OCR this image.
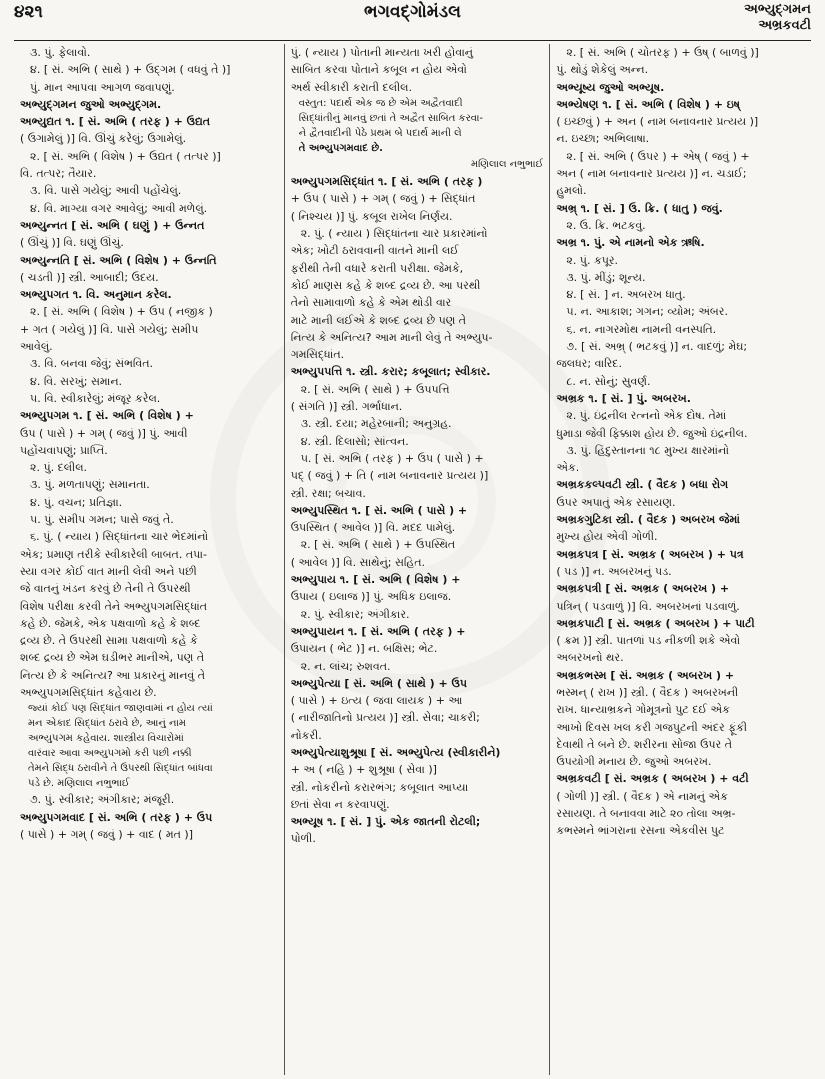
૪૨૧	ભગવદ્ગોમંડલ	અભ્યુદ્ગમન
અભ્રકવટી
૩. પું. ફેલાવો.
૪. [ સં. અભિ ( સાથે ) + ઉદ્ગમ ( વધવું તે )]
પું. માન આપવા આગળ જવાપણું.
અભ્યુદ્ગમન જુઓ અભ્યુદ્ગમ.
અભ્યુદ્યત ૧. [ સં. અભિ ( તરફ ) + ઉદ્યત
( ઉગામેલું )] વિ. ઊંચું કરેલું; ઉગામેલું.
૨. [ સં. અભિ ( વિશેષ ) + ઉદ્યત ( તત્પર )]
વિ. તત્પર; તૈયાર.
૩. વિ. પાસે ગયેલું; આવી પહોંચેલું.
૪. વિ. માગ્યા વગર આવેલું; આવી મળેલું.
અભ્યુન્નત [ સં. અભિ ( ઘણું ) + ઉન્નત
( ઊંચું )] વિ. ઘણું ઊંચું.
અભ્યુન્નતિ [ સં. અભિ ( વિશેષ ) + ઉન્નતિ
( ચડતી )] સ્ત્રી. આબાદી; ઉદય.
અભ્યુપગત ૧. વિ. અનુમાન કરેલ.
૨. [ સં. અભિ ( વિશેષ ) + ઉપ ( નજીક )
+ ગત ( ગયેલું )] વિ. પાસે ગયેલું; સમીપ
આવેલું.
૩. વિ. બનવા જેવું; સંભવિત.
૪. વિ. સરખું; સમાન.
૫. વિ. સ્વીકારેલું; મંજૂર કરેલ.
અભ્યુપગમ ૧. [ સં. અભિ ( વિશેષ ) +
ઉપ ( પાસે ) + ગમ્ ( જવું )] પું. આવી
પહોંચવાપણું; પ્રાપ્તિ.
૨. પું. દલીલ.
૩. પું. મળતાપણું; સમાનતા.
૪. પું. વચન; પ્રતિજ્ઞા.
૫. પું. સમીપ ગમન; પાસે જવું તે.
૬. પું. ( ન્યાય ) સિદ્ધાંતના ચાર ભેદમાંનો
એક; પ્રમાણ તરીકે સ્વીકારેલી બાબત. તપા-
સ્યા વગર કોઈ વાત માની લેવી અને પછી
જે વાતનું ખંડન કરવું છે તેની તે ઉપરથી
વિશેષ પરીક્ષા કરવી તેને અભ્યુપગમસિદ્ધાંત
કહે છે. જેમકે, એક પક્ષવાળો કહે કે શબ્દ
દ્રવ્ય છે. તે ઉપરથી સામા પક્ષવાળો કહે કે
શબ્દ દ્રવ્ય છે એમ ઘડીભર માનીએ, પણ તે
નિત્ય છે કે અનિત્ય? આ પ્રકારનું માનવું તે
અભ્યુપગમસિદ્ધાંત કહેવાય છે.
જ્યાં કોઈ પણ સિદ્ધાંત જાણવામાં ન હોય ત્યાં
મન એકાદ સિદ્ધાંત ઠરાવે છે, આનું નામ
અભ્યુપગમ કહેવાય. શાસ્ત્રીય વિચારોમાં
વારંવાર આવા અભ્યુપગમો કરી પછી નક્કી
તેમને સિદ્ધ ઠરાવીને તે ઉપરથી સિદ્ધાંત બાંધવા
પડે છે. મણિલાલ નભુભાઈ
૭. પું. સ્વીકાર; અંગીકાર; મંજૂરી.
અભ્યુપગમવાદ [ સં. અભિ ( તરફ ) + ઉપ
( પાસે ) + ગમ્ ( જવું ) + વાદ ( મત )]
પું. ( ન્યાય ) પોતાની માન્યતા ખરી હોવાનું
સાબિત કરવા પોતાને કબૂલ ન હોય એવો
અર્થ સ્વીકારી કરાતી દલીલ.
વસ્તુત: પદાર્થ એક જ છે એમ અદ્વૈતવાદી
સિદ્ધાંતીનું માનવું છતાં તે અદ્વૈત સાબિત કરવા-
ને દ્વૈતવાદીની પેઠે પ્રથમ બે પદાર્થ માની લે
તે અભ્યુપગમવાદ છે.
મણિલાલ નભુભાઈ
અભ્યુપગમસિદ્ધાંત ૧. [ સં. અભિ ( તરફ )
+ ઉપ ( પાસે ) + ગમ્ ( જવું ) + સિદ્ધાંત
( નિશ્ચય )] પું. કબૂલ રાખેલ નિર્ણય.
૨. પું. ( ન્યાય ) સિદ્ધાંતના ચાર પ્રકારમાંનો
એક; ખોટી ઠરાવવાની વાતને માની લઈ
ફરીથી તેની વધારે કરાતી પરીક્ષા. જેમકે,
કોઈ માણસ કહે કે શબ્દ દ્રવ્ય છે. આ પરથી
તેનો સામાવાળો કહે કે એમ થોડી વાર
માટે માની લઈએ કે શબ્દ દ્રવ્ય છે પણ તે
નિત્ય કે અનિત્ય? આમ માની લેવું તે અભ્યુપ-
ગમસિદ્ધાંત.
અભ્યુપપત્તિ ૧. સ્ત્રી. કરાર; કબૂલાત; સ્વીકાર.
૨. [ સં. અભિ ( સાથે ) + ઉપપત્તિ
( સંગતિ )] સ્ત્રી. ગર્ભાધાન.
૩. સ્ત્રી. દયા; મહેરબાની; અનુગ્રહ.
૪. સ્ત્રી. દિલાસો; સાંત્વન.
૫. [ સં. અભિ ( તરફ ) + ઉપ ( પાસે ) +
પદ્ ( જવું ) + તિ ( નામ બનાવનાર પ્રત્યય )]
સ્ત્રી. રક્ષા; બચાવ.
અભ્યુપસ્થિત ૧. [ સં. અભિ ( પાસે ) +
ઉપસ્થિત ( આવેલ )] વિ. મદદ પામેલું.
૨. [ સં. અભિ ( સાથે ) + ઉપસ્થિત
( આવેલ )] વિ. સાથેનું; સહિત.
અભ્યુપાય ૧. [ સં. અભિ ( વિશેષ ) +
ઉપાય ( ઇલાજ )] પું. અધિક ઇલાજ.
૨. પું. સ્વીકાર; અંગીકાર.
અભ્યુપાયન ૧. [ સં. અભિ ( તરફ ) +
ઉપાયન ( ભેટ )] ન. બક્ષિસ; ભેટ.
૨. ન. લાંચ; રુશવત.
અભ્યુપેત્યા [ સં. અભિ ( સાથે ) + ઉપ
( પાસે ) + ઇત્ય ( જવા લાયક ) + આ
( નારીજાતિનો પ્રત્યય )] સ્ત્રી. સેવા; ચાકરી;
નોકરી.
અભ્યુપેત્યાશુશ્રૂષા [ સં. અભ્યુપેત્ય (સ્વીકારીને)
+ અ ( નહિ ) + શુશ્રૂષા ( સેવા )]
સ્ત્રી. નોકરીનો કરારભંગ; કબૂલાત આપ્યા
છતાં સેવા ન કરવાપણું.
અભ્યૂષ ૧. [ સં. ] પું. એક જાતની રોટલી;
પોળી.
૨. [ સં. અભિ ( ચોતરફ ) + ઉષ્ ( બાળવું )]
પું. થોડું શેકેલું અન્ન.
અભ્યૂષ્ય જુઓ અભ્યૂષ.
અભ્યેષણ ૧. [ સં. અભિ ( વિશેષ ) + ઇષ્
( ઇચ્છવું ) + અન ( નામ બનાવનાર પ્રત્યય )]
ન. ઇચ્છા; અભિલાષા.
૨. [ સં. અભિ ( ઉપર ) + એષ્ ( જવું ) +
અન ( નામ બનાવનાર પ્રત્યય )] ન. ચડાઈ;
હુમલો.
અભ્ર્ ૧. [ સં. ] ઉ. ક્રિ. ( ધાતુ ) જવું.
૨. ઉ. ક્રિ. ભટકવું.
અભ્ર ૧. પું. એ નામનો એક ઋષિ.
૨. પું. કપૂર.
૩. પું. મીંડું; શૂન્ય.
૪. [ સં. ] ન. અબરખ ધાતુ.
૫. ન. આકાશ; ગગન; વ્યોમ; અંબર.
૬. ન. નાગરમોથ નામની વનસ્પતિ.
૭. [ સં. અભ્ર્ ( ભટકવું )] ન. વાદળું; મેઘ;
જલધર; વારિદ.
૮. ન. સોનું; સુવર્ણ.
અભ્રક ૧. [ સં. ] પું. અબરખ.
૨. પું. ઇંદ્રનીલ રત્નનો એક દોષ. તેમાં
ધુમાડા જેવી ફિક્કાશ હોય છે. જુઓ ઇંદ્રનીલ.
૩. પું. હિંદુસ્તાનના ૧૮ મુખ્ય ક્ષારમાંનો
એક.
અભ્રકકલ્પવટી સ્ત્રી. ( વૈદક ) બધા રોગ
ઉપર અપાતું એક રસાયણ.
અભ્રકગુટિકા સ્ત્રી. ( વૈદક ) અબરખ જેમાં
મુખ્ય હોય એવી ગોળી.
અભ્રકપત્ર [ સં. અભ્રક ( અબરખ ) + પત્ર
( પડ )] ન. અબરખનું પડ.
અભ્રકપત્રી [ સં. અભ્રક ( અબરખ ) +
પત્રિન્ ( પડવાળું )] વિ. અબરખનાં પડવાળું.
અભ્રકપાટી [ સં. અભ્રક ( અબરખ ) + પાટી
( ક્રમ )] સ્ત્રી. પાતળાં પડ નીકળી શકે એવો
અબરખનો થર.
અભ્રકભસ્મ [ સં. અભ્રક ( અબરખ ) +
ભસ્મન્ ( રાખ )] સ્ત્રી. ( વૈદક ) અબરખની
રાખ. ધાન્યાભ્રકને ગોમૂત્રનો પુટ દઈ એક
આખો દિવસ ખલ કરી ગજપુટની અંદર ફૂંકી
દેવાથી તે બને છે. શરીરના સોજા ઉપર તે
ઉપયોગી મનાય છે. જુઓ અબરખ.
અભ્રકવટી [ સં. અભ્રક ( અબરખ ) + વટી
( ગોળી )] સ્ત્રી. ( વૈદક ) એ નામનું એક
રસાયણ. તે બનાવવા માટે ૨૦ તોલા અભ્ર-
કભસ્મને ભાંગરાના રસના એકવીસ પુટ
